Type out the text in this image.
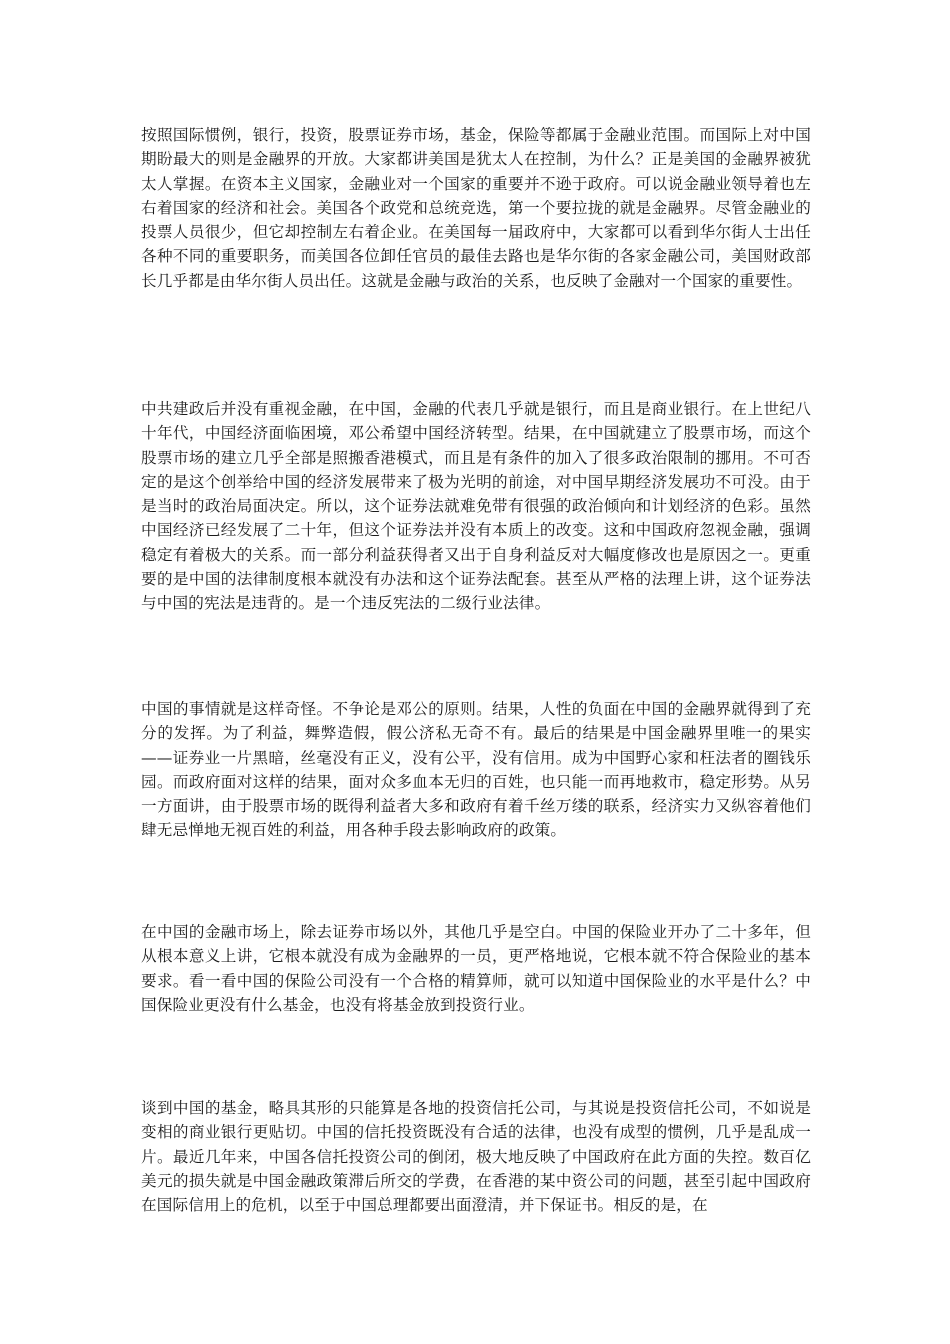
按照国际惯例，银行，投资，股票证券市场，基金，保险等都属于金融业范围。而国际上对中国期盼最大的则是金融界的开放。大家都讲美国是犹太人在控制，为什么？正是美国的金融界被犹太人掌握。在资本主义国家，金融业对一个国家的重要并不逊于政府。可以说金融业领导着也左右着国家的经济和社会。美国各个政党和总统竞选，第一个要拉拢的就是金融界。尽管金融业的投票人员很少，但它却控制左右着企业。在美国每一届政府中，大家都可以看到华尔街人士出任各种不同的重要职务，而美国各位卸任官员的最佳去路也是华尔街的各家金融公司，美国财政部长几乎都是由华尔街人员出任。这就是金融与政治的关系，也反映了金融对一个国家的重要性。

中共建政后并没有重视金融，在中国，金融的代表几乎就是银行，而且是商业银行。在上世纪八十年代，中国经济面临困境，邓公希望中国经济转型。结果，在中国就建立了股票市场，而这个股票市场的建立几乎全部是照搬香港模式，而且是有条件的加入了很多政治限制的挪用。不可否定的是这个创举给中国的经济发展带来了极为光明的前途，对中国早期经济发展功不可没。由于是当时的政治局面决定。所以，这个证券法就难免带有很强的政治倾向和计划经济的色彩。虽然中国经济已经发展了二十年，但这个证券法并没有本质上的改变。这和中国政府忽视金融，强调稳定有着极大的关系。而一部分利益获得者又出于自身利益反对大幅度修改也是原因之一。更重要的是中国的法律制度根本就没有办法和这个证券法配套。甚至从严格的法理上讲，这个证券法与中国的宪法是违背的。是一个违反宪法的二级行业法律。

中国的事情就是这样奇怪。不争论是邓公的原则。结果，人性的负面在中国的金融界就得到了充分的发挥。为了利益，舞弊造假，假公济私无奇不有。最后的结果是中国金融界里唯一的果实——证券业一片黑暗，丝毫没有正义，没有公平，没有信用。成为中国野心家和枉法者的圈钱乐园。而政府面对这样的结果，面对众多血本无归的百姓，也只能一而再地救市，稳定形势。从另一方面讲，由于股票市场的既得利益者大多和政府有着千丝万缕的联系，经济实力又纵容着他们肆无忌惮地无视百姓的利益，用各种手段去影响政府的政策。

在中国的金融市场上，除去证券市场以外，其他几乎是空白。中国的保险业开办了二十多年，但从根本意义上讲，它根本就没有成为金融界的一员，更严格地说，它根本就不符合保险业的基本要求。看一看中国的保险公司没有一个合格的精算师，就可以知道中国保险业的水平是什么？中国保险业更没有什么基金，也没有将基金放到投资行业。

谈到中国的基金，略具其形的只能算是各地的投资信托公司，与其说是投资信托公司，不如说是变相的商业银行更贴切。中国的信托投资既没有合适的法律，也没有成型的惯例，几乎是乱成一片。最近几年来，中国各信托投资公司的倒闭，极大地反映了中国政府在此方面的失控。数百亿美元的损失就是中国金融政策滞后所交的学费，在香港的某中资公司的问题，甚至引起中国政府在国际信用上的危机，以至于中国总理都要出面澄清，并下保证书。相反的是，在
